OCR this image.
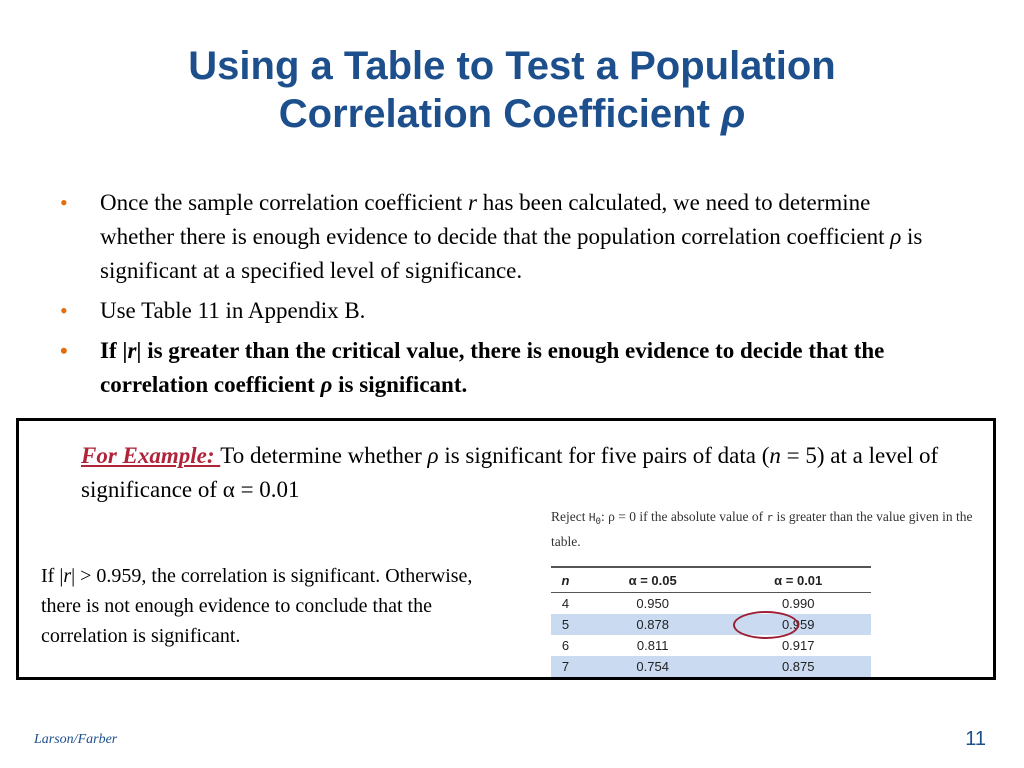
Using a Table to Test a Population
Correlation Coefficient ρ
• Once the sample correlation coefficient r has been calculated, we need to determine whether there is enough evidence to decide that the population correlation coefficient ρ is significant at a specified level of significance.
• Use Table 11 in Appendix B.
• If |r| is greater than the critical value, there is enough evidence to decide that the correlation coefficient ρ is significant.
For Example: To determine whether ρ is significant for five pairs of data (n = 5) at a level of significance of α = 0.01
Reject $H_0$: ρ = 0 if the absolute value of r is greater than the value given in the table.
n	α = 0.05	α = 0.01
4	0.950	0.990
5	0.878	0.959
6	0.811	0.917
7	0.754	0.875
If |r| > 0.959, the correlation is significant. Otherwise, there is not enough evidence to conclude that the correlation is significant.
Larson/Farber	11
